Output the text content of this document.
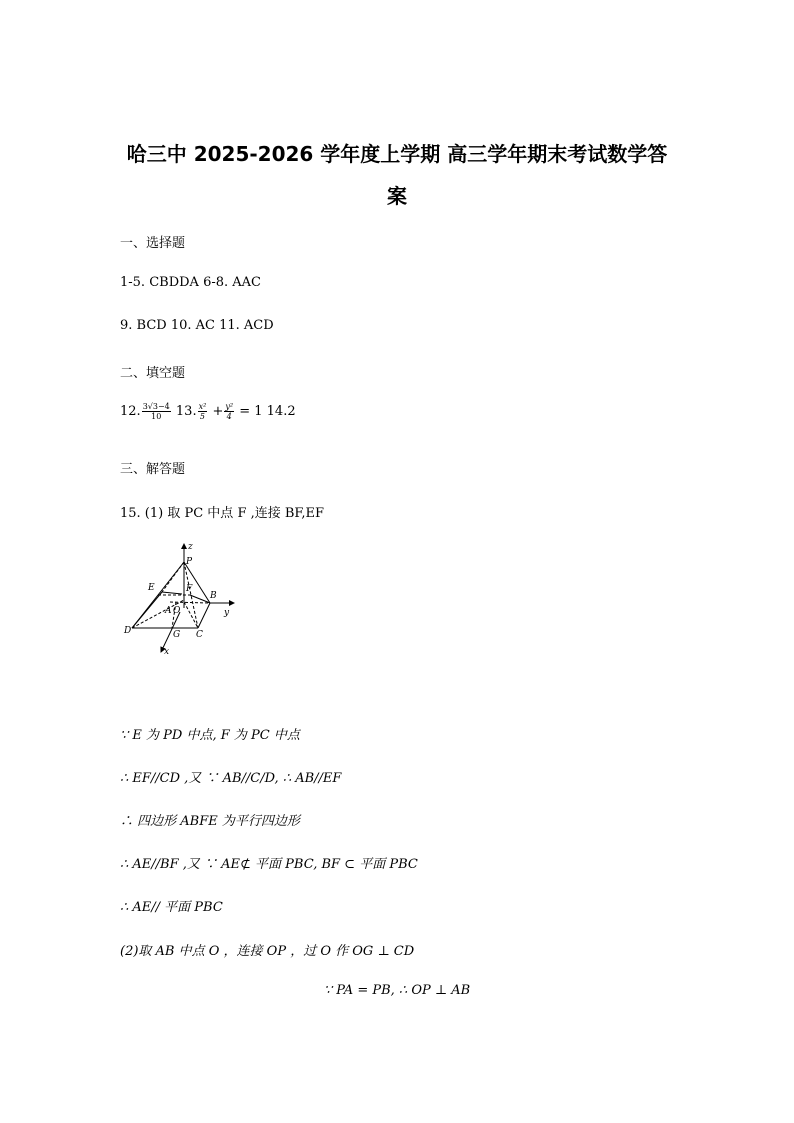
哈三中 2025-2026 学年度上学期 高三学年期末考试数学答
案
一、选择题
1-5. CBDDA 6-8. AAC
9. BCD 10. AC 11. ACD
二、填空题
12. $\frac{3√3-4}{10} 13$. $\frac{\text{x²}}{5} + \frac{\text{y²}}{4} = 1$ 14.2
三、解答题
15. (1) 取 PC 中点 F ,连接 BF,EF
z
P
E	F
B
y
A O
D	G C
x
∵ E 为 PD 中点, F 为 PC 中点
∴ EF//CD ,又 ∵ AB//C/D, ∴ AB//EF
∴ 四边形 ABFE 为平行四边形
∴ AE//BF ,又 ∵ AE⊄ 平面 PBC, BF ⊂ 平面 PBC
∴ AE// 平面 PBC
(2)取 AB 中点 O ，连接 OP ，过 O 作 OG ⊥ CD
∵ PA = PB, ∴ OP ⊥ AB
